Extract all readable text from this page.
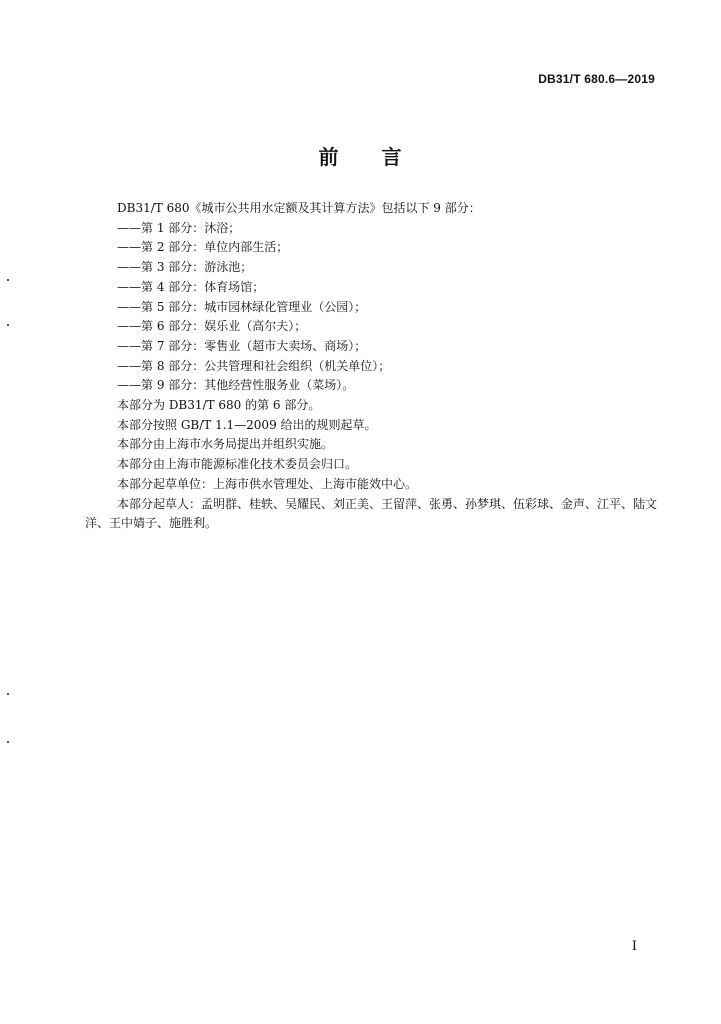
DB31/T 680.6—2019
前　　言

DB31/T 680《城市公共用水定额及其计算方法》包括以下 9 部分：

——第 1 部分：沐浴；

——第 2 部分：单位内部生活；

——第 3 部分：游泳池；

——第 4 部分：体育场馆；

——第 5 部分：城市园林绿化管理业（公园）；

——第 6 部分：娱乐业（高尔夫）；

——第 7 部分：零售业（超市大卖场、商场）；

——第 8 部分：公共管理和社会组织（机关单位）；

——第 9 部分：其他经营性服务业（菜场）。

本部分为 DB31/T 680 的第 6 部分。

本部分按照 GB/T 1.1—2009 给出的规则起草。

本部分由上海市水务局提出并组织实施。

本部分由上海市能源标准化技术委员会归口。

本部分起草单位：上海市供水管理处、上海市能效中心。

本部分起草人：孟明群、桂轶、吴耀民、刘正美、王留萍、张勇、孙梦琪、伍彩球、金声、江平、陆文洋、王中婧子、施胜利。

I
